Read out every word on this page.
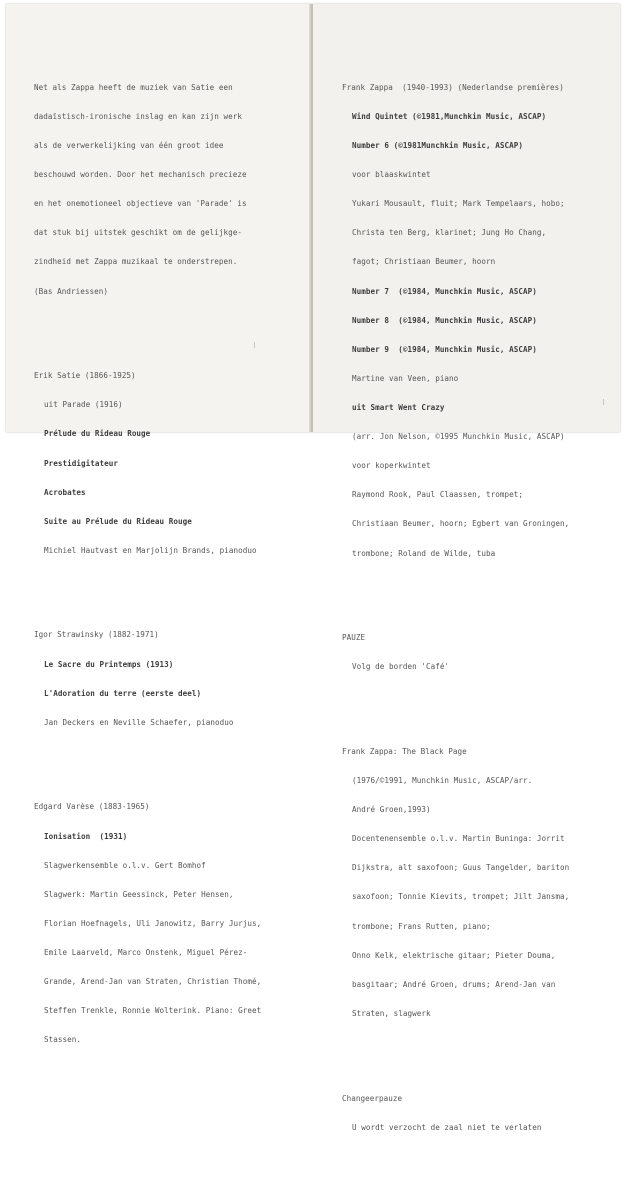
Net als Zappa heeft de muziek van Satie een

dadaïstisch-ironische inslag en kan zijn werk

als de verwerkelijking van één groot idee

beschouwd worden. Door het mechanisch precieze

en het onemotioneel objectieve van 'Parade' is

dat stuk bij uitstek geschikt om de gelijkge-

zindheid met Zappa muzikaal te onderstrepen.

(Bas Andriessen)

Erik Satie (1866-1925)

uit Parade (1916)

Prélude du Rideau Rouge

Prestidigitateur

Acrobates

Suite au Prélude du Rideau Rouge

Michiel Hautvast en Marjolijn Brands, pianoduo

Igor Strawinsky (1882-1971)

Le Sacre du Printemps (1913)

L'Adoration du terre (eerste deel)

Jan Deckers en Neville Schaefer, pianoduo

Edgard Varèse (1883-1965)

Ionisation  (1931)

Slagwerkensemble o.l.v. Gert Bomhof

Slagwerk: Martin Geessinck, Peter Hensen,

Florian Hoefnagels, Uli Janowitz, Barry Jurjus,

Emile Laarveld, Marco Onstenk, Miguel Pérez-

Grande, Arend-Jan van Straten, Christian Thomé,

Steffen Trenkle, Ronnie Wolterink. Piano: Greet

Stassen.

Frank Zappa  (1940-1993) (Nederlandse premières)

Wind Quintet (©1981,Munchkin Music, ASCAP)

Number 6 (©1981Munchkin Music, ASCAP)

voor blaaskwintet

Yukari Mousault, fluit; Mark Tempelaars, hobo;

Christa ten Berg, klarinet; Jung Ho Chang,

fagot; Christiaan Beumer, hoorn

Number 7  (©1984, Munchkin Music, ASCAP)

Number 8  (©1984, Munchkin Music, ASCAP)

Number 9  (©1984, Munchkin Music, ASCAP)

Martine van Veen, piano

uit Smart Went Crazy

(arr. Jon Nelson, ©1995 Munchkin Music, ASCAP)

voor koperkwintet

Raymond Rook, Paul Claassen, trompet;

Christiaan Beumer, hoorn; Egbert van Groningen,

trombone; Roland de Wilde, tuba

PAUZE

Volg de borden 'Café'

Frank Zappa: The Black Page

(1976/©1991, Munchkin Music, ASCAP/arr.

André Groen,1993)

Docentenensemble o.l.v. Martin Buninga: Jorrit

Dijkstra, alt saxofoon; Guus Tangelder, bariton

saxofoon; Tonnie Kievits, trompet; Jilt Jansma,

trombone; Frans Rutten, piano;

Onno Kelk, elektrische gitaar; Pieter Douma,

basgitaar; André Groen, drums; Arend-Jan van

Straten, slagwerk

Changeerpauze

U wordt verzocht de zaal niet te verlaten
